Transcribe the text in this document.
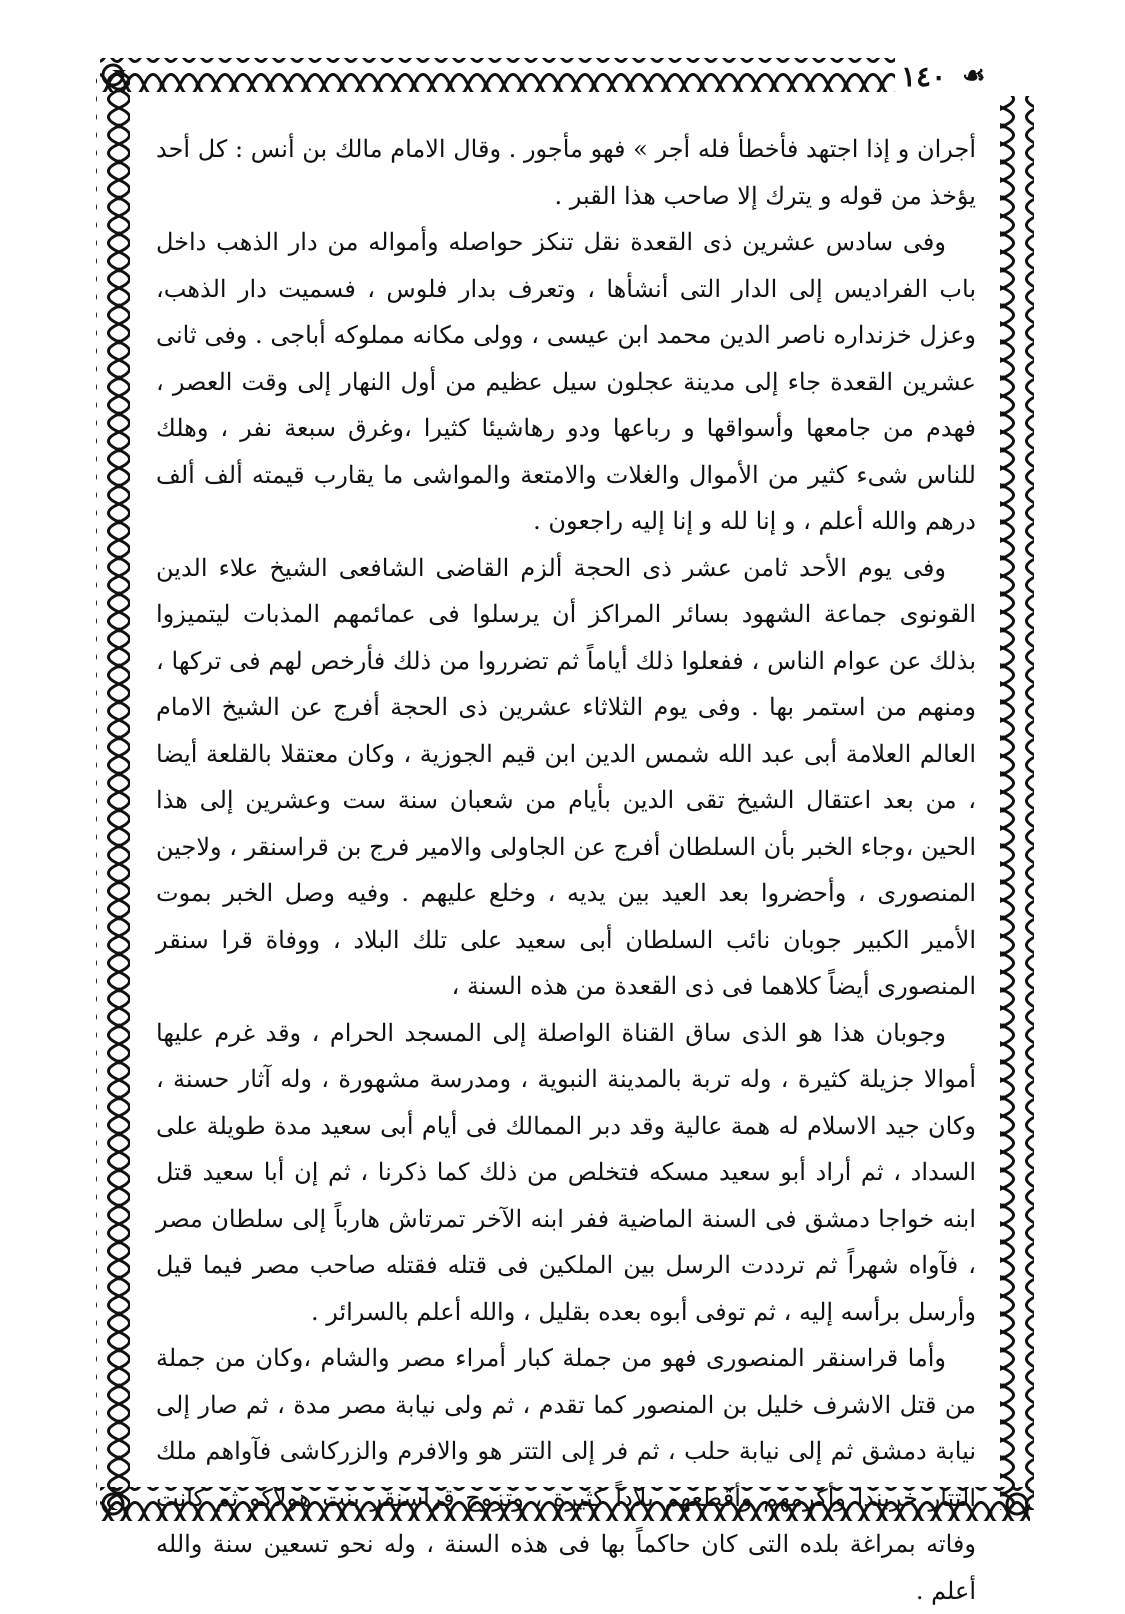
☙
١٤٠

أجران و إذا اجتهد فأخطأ فله أجر » فهو مأجور . وقال الامام مالك بن أنس : كل أحد يؤخذ من قوله و يترك إلا صاحب هذا القبر .

وفى سادس عشرين ذى القعدة نقل تنكز حواصله وأمواله من دار الذهب داخل باب الفراديس إلى الدار التى أنشأها ، وتعرف بدار فلوس ، فسميت دار الذهب، وعزل خزنداره ناصر الدين محمد ابن عيسى ، وولى مكانه مملوكه أباجى . وفى ثانى عشرين القعدة جاء إلى مدينة عجلون سيل عظيم من أول النهار إلى وقت العصر ، فهدم من جامعها وأسواقها و رباعها ودو رهاشيئا كثيرا ،وغرق سبعة نفر ، وهلك للناس شىء كثير من الأموال والغلات والامتعة والمواشى ما يقارب قيمته ألف ألف درهم والله أعلم ، و إنا لله و إنا إليه راجعون .

وفى يوم الأحد ثامن عشر ذى الحجة ألزم القاضى الشافعى الشيخ علاء الدين القونوى جماعة الشهود بسائر المراكز أن يرسلوا فى عمائمهم المذبات ليتميزوا بذلك عن عوام الناس ، ففعلوا ذلك أياماً ثم تضرروا من ذلك فأرخص لهم فى تركها ، ومنهم من استمر بها . وفى يوم الثلاثاء عشرين ذى الحجة أفرج عن الشيخ الامام العالم العلامة أبى عبد الله شمس الدين ابن قيم الجوزية ، وكان معتقلا بالقلعة أيضا ، من بعد اعتقال الشيخ تقى الدين بأيام من شعبان سنة ست وعشرين إلى هذا الحين ،وجاء الخبر بأن السلطان أفرج عن الجاولى والامير فرج بن قراسنقر ، ولاجين المنصورى ، وأحضروا بعد العيد بين يديه ، وخلع عليهم . وفيه وصل الخبر بموت الأمير الكبير جوبان نائب السلطان أبى سعيد على تلك البلاد ، ووفاة قرا سنقر المنصورى أيضاً كلاهما فى ذى القعدة من هذه السنة ،

وجوبان هذا هو الذى ساق القناة الواصلة إلى المسجد الحرام ، وقد غرم عليها أموالا جزيلة كثيرة ، وله تربة بالمدينة النبوية ، ومدرسة مشهورة ، وله آثار حسنة ، وكان جيد الاسلام له همة عالية وقد دبر الممالك فى أيام أبى سعيد مدة طويلة على السداد ، ثم أراد أبو سعيد مسكه فتخلص من ذلك كما ذكرنا ، ثم إن أبا سعيد قتل ابنه خواجا دمشق فى السنة الماضية ففر ابنه الآخر تمرتاش هارباً إلى سلطان مصر ، فآواه شهراً ثم ترددت الرسل بين الملكين فى قتله فقتله صاحب مصر فيما قيل وأرسل برأسه إليه ، ثم توفى أبوه بعده بقليل ، والله أعلم بالسرائر .

وأما قراسنقر المنصورى فهو من جملة كبار أمراء مصر والشام ،وكان من جملة من قتل الاشرف خليل بن المنصور كما تقدم ، ثم ولى نيابة مصر مدة ، ثم صار إلى نيابة دمشق ثم إلى نيابة حلب ، ثم فر إلى التتر هو والافرم والزركاشى فآواهم ملك التتار خربندا وأكرمهم وأقطعهم بلاداً كثيرة ، وتزوج قراسنقر بنت هولاكو ثم كانت وفاته بمراغة بلده التى كان حاكماً بها فى هذه السنة ، وله نحو تسعين سنة والله أعلم .
